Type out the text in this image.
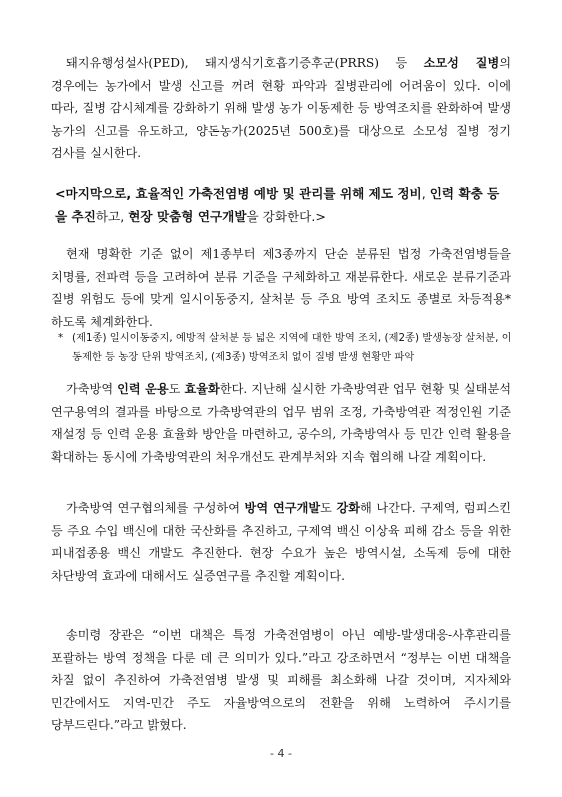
돼지유행성설사(PED), 돼지생식기호흡기증후군(PRRS) 등 소모성 질병의 경우에는 농가에서 발생 신고를 꺼려 현황 파악과 질병관리에 어려움이 있다. 이에 따라, 질병 감시체계를 강화하기 위해 발생 농가 이동제한 등 방역조치를 완화하여 발생 농가의 신고를 유도하고, 양돈농가(2025년 500호)를 대상으로 소모성 질병 정기 검사를 실시한다.

<마지막으로, 효율적인 가축전염병 예방 및 관리를 위해 제도 정비, 인력 확충 등을 추진하고, 현장 맞춤형 연구개발을 강화한다.>

현재 명확한 기준 없이 제1종부터 제3종까지 단순 분류된 법정 가축전염병들을 치명률, 전파력 등을 고려하여 분류 기준을 구체화하고 재분류한다. 새로운 분류기준과 질병 위험도 등에 맞게 일시이동중지, 살처분 등 주요 방역 조치도 종별로 차등적용*하도록 체계화한다.

* (제1종) 일시이동중지, 예방적 살처분 등 넓은 지역에 대한 방역 조치, (제2종) 발생농장 살처분, 이동제한 등 농장 단위 방역조치, (제3종) 방역조치 없이 질병 발생 현황만 파악

가축방역 인력 운용도 효율화한다. 지난해 실시한 가축방역관 업무 현황 및 실태분석 연구용역의 결과를 바탕으로 가축방역관의 업무 범위 조정, 가축방역관 적정인원 기준 재설정 등 인력 운용 효율화 방안을 마련하고, 공수의, 가축방역사 등 민간 인력 활용을 확대하는 동시에 가축방역관의 처우개선도 관계부처와 지속 협의해 나갈 계획이다.

가축방역 연구협의체를 구성하여 방역 연구개발도 강화해 나간다. 구제역, 럼피스킨 등 주요 수입 백신에 대한 국산화를 추진하고, 구제역 백신 이상육 피해 감소 등을 위한 피내접종용 백신 개발도 추진한다. 현장 수요가 높은 방역시설, 소독제 등에 대한 차단방역 효과에 대해서도 실증연구를 추진할 계획이다.

송미령 장관은 “이번 대책은 특정 가축전염병이 아닌 예방-발생대응-사후관리를 포괄하는 방역 정책을 다룬 데 큰 의미가 있다.”라고 강조하면서 “정부는 이번 대책을 차질 없이 추진하여 가축전염병 발생 및 피해를 최소화해 나갈 것이며, 지자체와 민간에서도 지역-민간 주도 자율방역으로의 전환을 위해 노력하여 주시기를 당부드린다.”라고 밝혔다.

- 4 -
